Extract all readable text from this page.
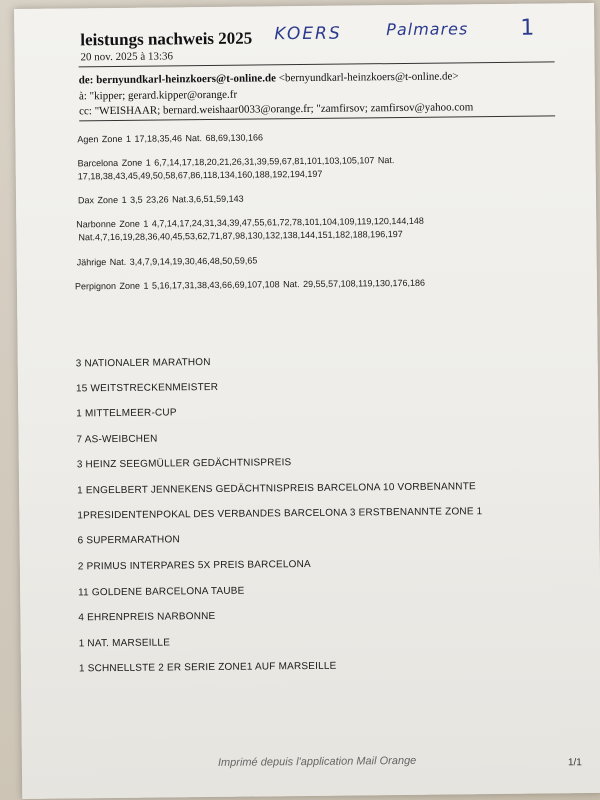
leistungs nachweis 2025
20 nov. 2025 à 13:36
KOERS	Palmares 1
de: bernyundkarl-heinzkoers@t-online.de <bernyundkarl-heinzkoers@t-online.de>
à: "kipper; gerard.kipper@orange.fr
cc: "WEISHAAR; bernard.weishaar0033@orange.fr; "zamfirsov; zamfirsov@yahoo.com
Agen Zone 1 17,18,35,46 Nat. 68,69,130,166
Barcelona Zone 1 6,7,14,17,18,20,21,26,31,39,59,67,81,101,103,105,107 Nat.
17,18,38,43,45,49,50,58,67,86,118,134,160,188,192,194,197
Dax Zone 1 3,5 23,26 Nat.3,6,51,59,143
Narbonne Zone 1 4,7,14,17,24,31,34,39,47,55,61,72,78,101,104,109,119,120,144,148
Nat.4,7,16,19,28,36,40,45,53,62,71,87,98,130,132,138,144,151,182,188,196,197
Jährige Nat. 3,4,7,9,14,19,30,46,48,50,59,65
Perpignon Zone 1 5,16,17,31,38,43,66,69,107,108 Nat. 29,55,57,108,119,130,176,186
3 NATIONALER MARATHON
15 WEITSTRECKENMEISTER
1 MITTELMEER-CUP
7 AS-WEIBCHEN
3 HEINZ SEEGMÜLLER GEDÄCHTNISPREIS
1 ENGELBERT JENNEKENS GEDÄCHTNISPREIS BARCELONA 10 VORBENANNTE
1PRESIDENTENPOKAL DES VERBANDES BARCELONA 3 ERSTBENANNTE ZONE 1
6 SUPERMARATHON
2 PRIMUS INTERPARES 5X PREIS BARCELONA
11 GOLDENE BARCELONA TAUBE
4 EHRENPREIS NARBONNE
1 NAT. MARSEILLE
1 SCHNELLSTE 2 ER SERIE ZONE1 AUF MARSEILLE
Imprimé depuis l'application Mail Orange	1/1
